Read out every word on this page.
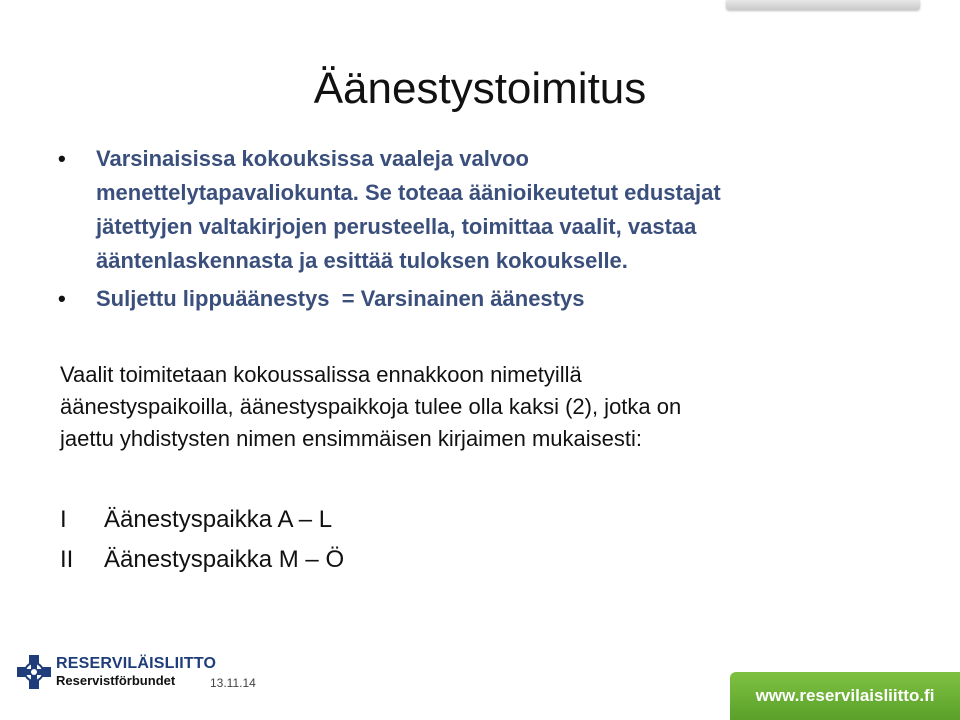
Äänestystoimitus
• Varsinaisissa kokouksissa vaaleja valvoo
menettelytapavaliokunta. Se toteaa äänioikeutetut edustajat
jätettyjen valtakirjojen perusteella, toimittaa vaalit, vastaa
ääntenlaskennasta ja esittää tuloksen kokoukselle.
• Suljettu lippuäänestys  = Varsinainen äänestys
Vaalit toimitetaan kokoussalissa ennakkoon nimetyillä
äänestyspaikoilla, äänestyspaikkoja tulee olla kaksi (2), jotka on
jaettu yhdistysten nimen ensimmäisen kirjaimen mukaisesti:
I	Äänestyspaikka A – L
II	Äänestyspaikka M – Ö
RESERVILÄISLIITTO
Reservistförbundet	13.11.14
www.reservilaisliitto.fi
